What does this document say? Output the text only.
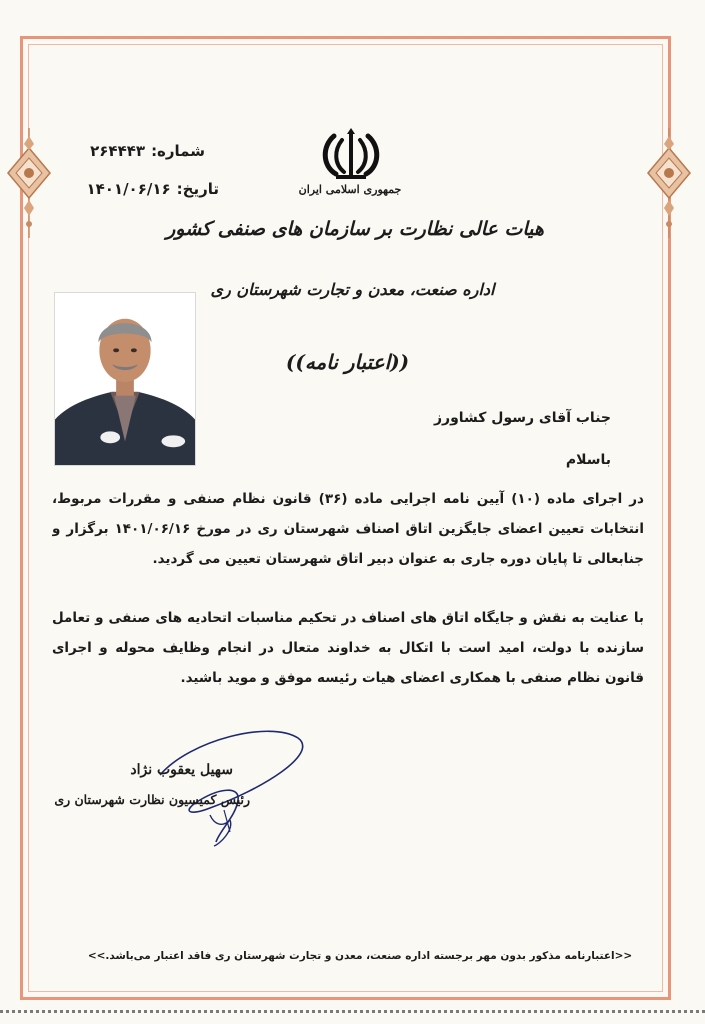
شماره:۲۶۴۴۴۳
تاریخ:۱۴۰۱/۰۶/۱۶	جمهوری اسلامی ایران
هیات عالی نظارت بر سازمان های صنفی کشور
اداره صنعت، معدن و تجارت شهرستان ری
((اعتبار نامه))
جناب آقای رسول کشاورز
باسلام
در اجرای ماده (۱۰) آیین نامه اجرایی ماده (۳۶) قانون نظام صنفی و مقررات مربوط، انتخابات تعیین اعضای جایگزین اتاق اصناف شهرستان ری در مورخ ۱۴۰۱/۰۶/۱۶ برگزار و جنابعالی تا پایان دوره جاری به عنوان دبیر اتاق شهرستان تعیین می گردید.
با عنایت به نقش و جایگاه اتاق های اصناف در تحکیم مناسبات اتحادیه های صنفی و تعامل سازنده با دولت، امید است با اتکال به خداوند متعال در انجام وظایف محوله و اجرای قانون نظام صنفی با همکاری اعضای هیات رئیسه موفق و موید باشید.
سهیل یعقوب نژاد
رئیس کمیسیون نظارت شهرستان ری
<<اعتبارنامه مذکور بدون مهر برجسته اداره صنعت، معدن و تجارت شهرستان ری فاقد اعتبار می‌باشد.>>
